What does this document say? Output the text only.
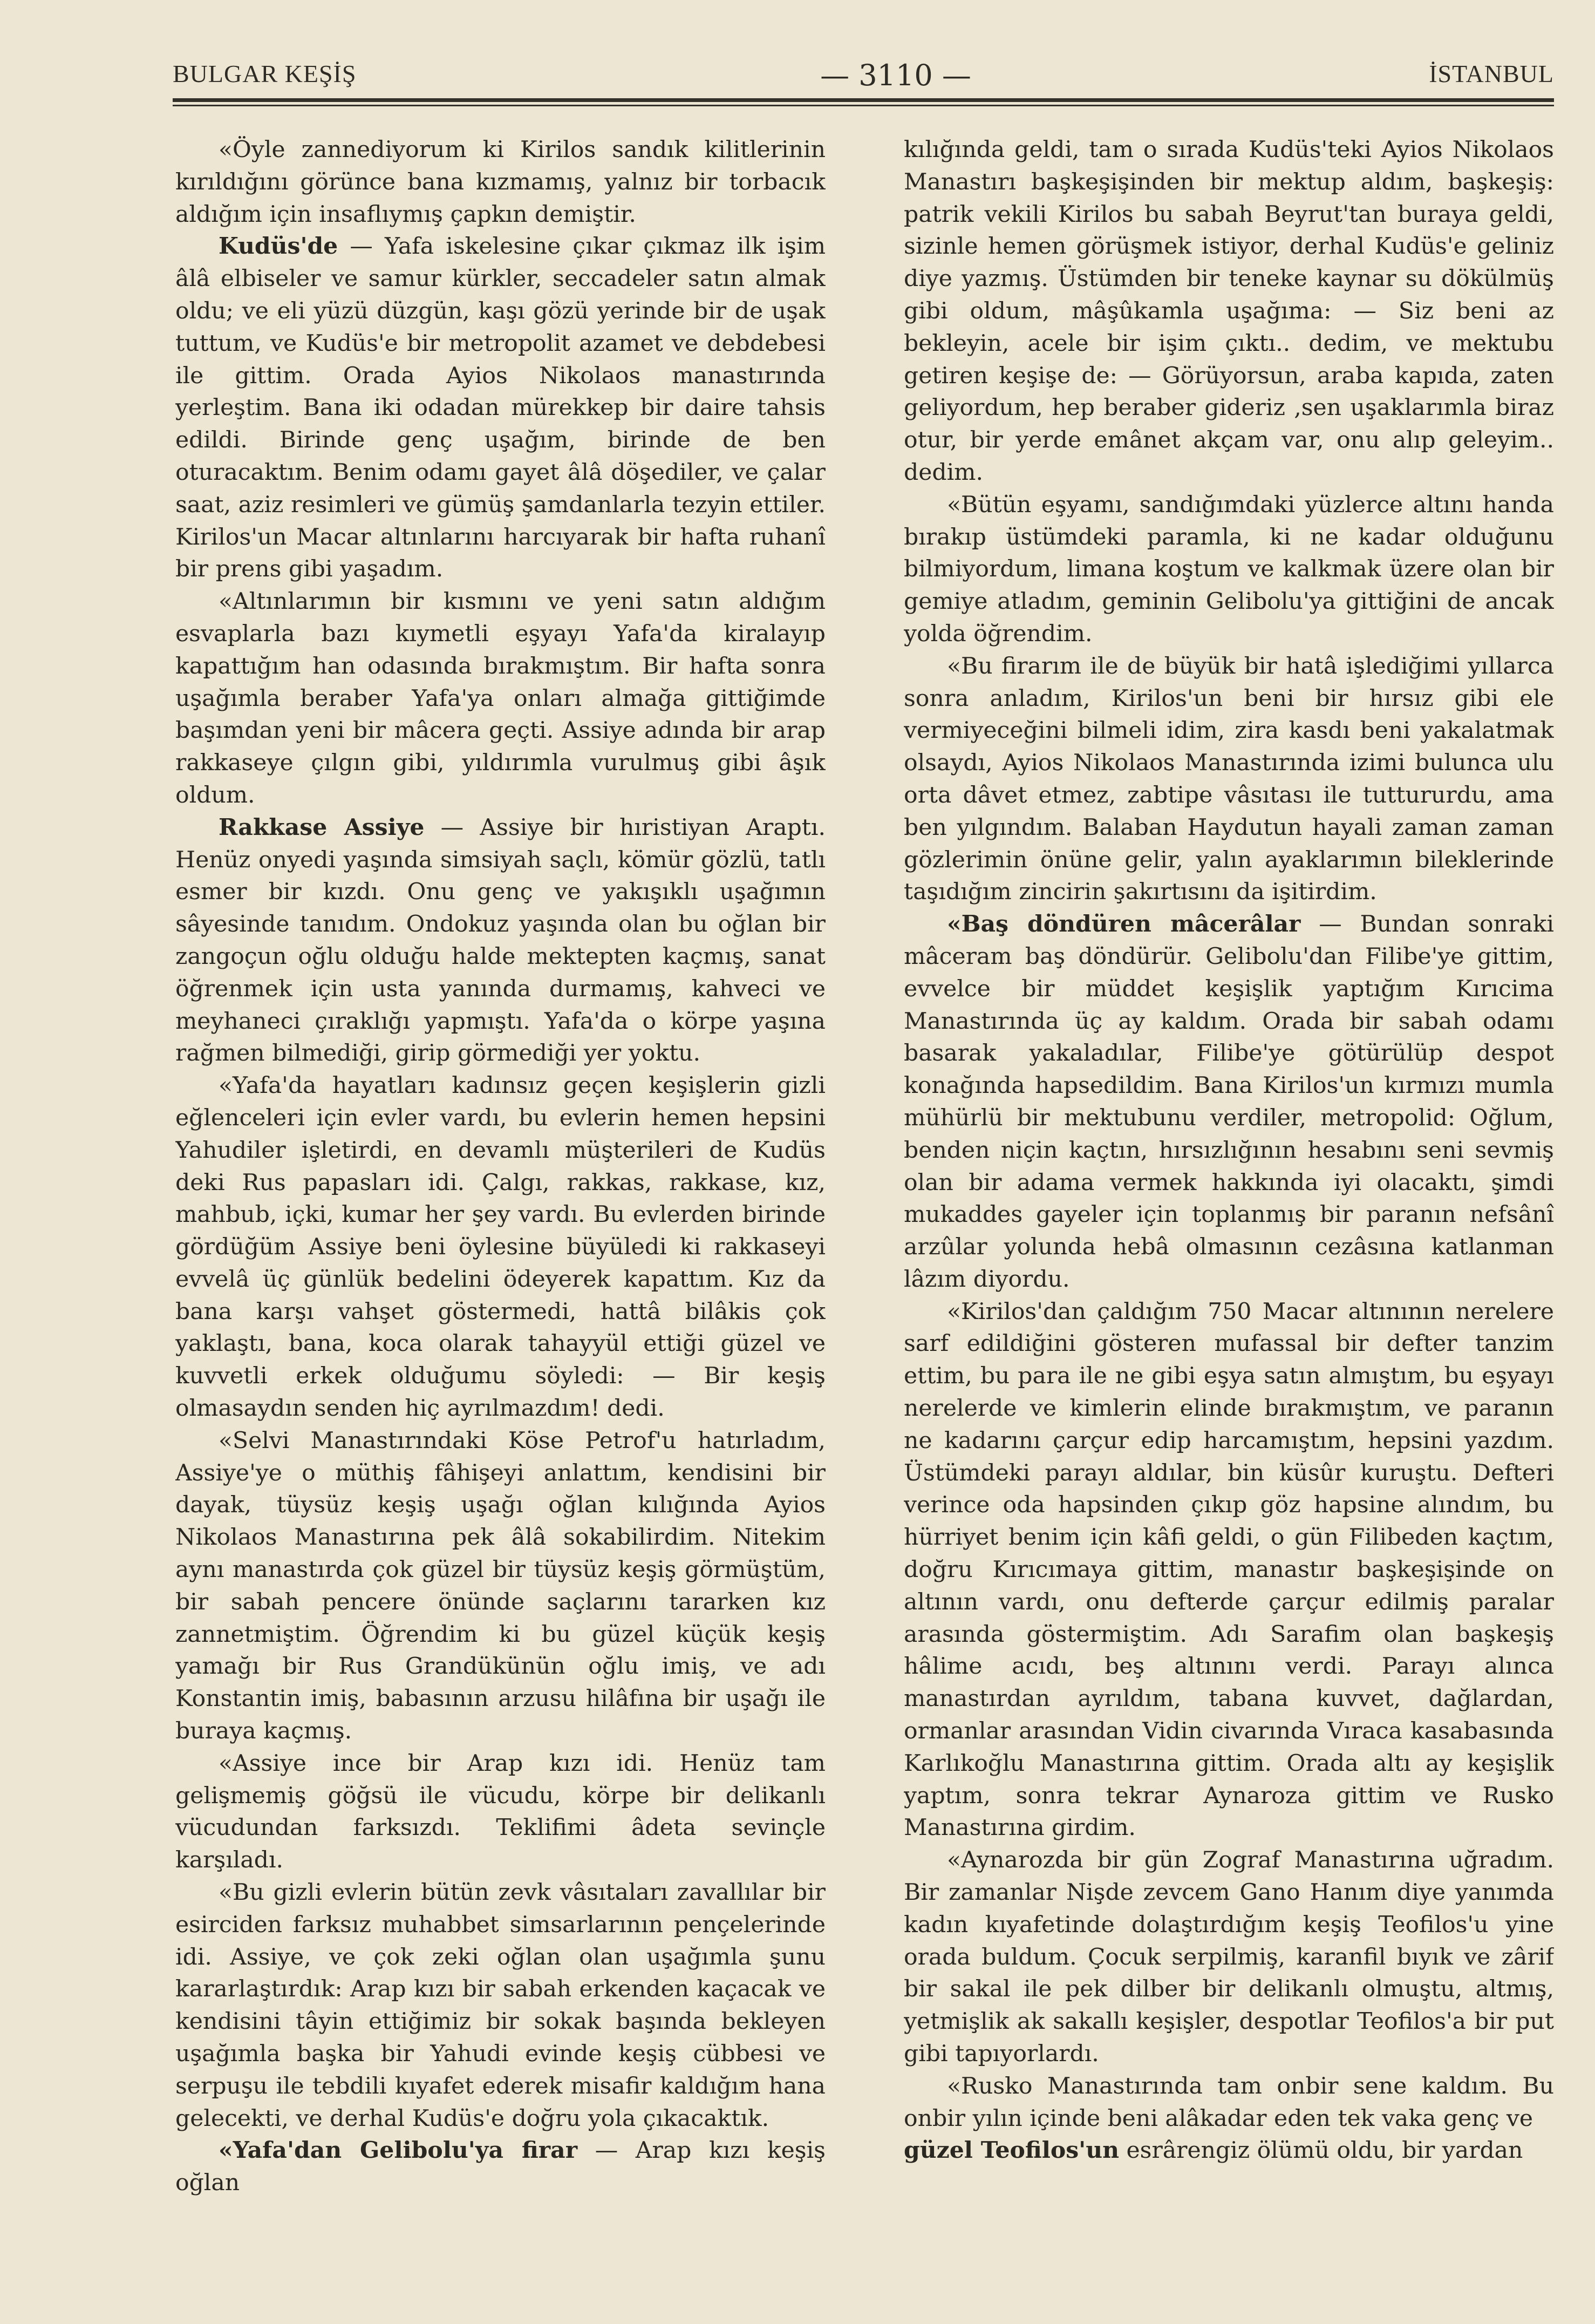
BULGAR KEŞİŞ	— 3110 —	İSTANBUL

«Öyle zannediyorum ki Kirilos sandık kilitlerinin kırıldığını görünce bana kızmamış, yalnız bir torbacık aldığım için insaflıymış çapkın demiştir.

Kudüs'de — Yafa iskelesine çıkar çıkmaz ilk işim âlâ elbiseler ve samur kürkler, seccadeler satın almak oldu; ve eli yüzü düzgün, kaşı gözü yerinde bir de uşak tuttum, ve Kudüs'e bir metropolit azamet ve debdebesi ile gittim. Orada Ayios Nikolaos manastırında yerleştim. Bana iki odadan mürekkep bir daire tahsis edildi. Birinde genç uşağım, birinde de ben oturacaktım. Benim odamı gayet âlâ döşediler, ve çalar saat, aziz resimleri ve gümüş şamdanlarla tezyin ettiler. Kirilos'un Macar altınlarını harcıyarak bir hafta ruhanî bir prens gibi yaşadım.

«Altınlarımın bir kısmını ve yeni satın aldığım esvaplarla bazı kıymetli eşyayı Yafa'da kiralayıp kapattığım han odasında bırakmıştım. Bir hafta sonra uşağımla beraber Yafa'ya onları almağa gittiğimde başımdan yeni bir mâcera geçti. Assiye adında bir arap rakkaseye çılgın gibi, yıldırımla vurulmuş gibi âşık oldum.

Rakkase Assiye — Assiye bir hıristiyan Araptı. Henüz onyedi yaşında simsiyah saçlı, kömür gözlü, tatlı esmer bir kızdı. Onu genç ve yakışıklı uşağımın sâyesinde tanıdım. Ondokuz yaşında olan bu oğlan bir zangoçun oğlu olduğu halde mektepten kaçmış, sanat öğrenmek için usta yanında durmamış, kahveci ve meyhaneci çıraklığı yapmıştı. Yafa'da o körpe yaşına rağmen bilmediği, girip görmediği yer yoktu.

«Yafa'da hayatları kadınsız geçen keşişlerin gizli eğlenceleri için evler vardı, bu evlerin hemen hepsini Yahudiler işletirdi, en devamlı müşterileri de Kudüs deki Rus papasları idi. Çalgı, rakkas, rakkase, kız, mahbub, içki, kumar her şey vardı. Bu evlerden birinde gördüğüm Assiye beni öylesine büyüledi ki rakkaseyi evvelâ üç günlük bedelini ödeyerek kapattım. Kız da bana karşı vahşet göstermedi, hattâ bilâkis çok yaklaştı, bana, koca olarak tahayyül ettiği güzel ve kuvvetli erkek olduğumu söyledi: — Bir keşiş olmasaydın senden hiç ayrılmazdım! dedi.

«Selvi Manastırındaki Köse Petrof'u hatırladım, Assiye'ye o müthiş fâhişeyi anlattım, kendisini bir dayak, tüysüz keşiş uşağı oğlan kılığında Ayios Nikolaos Manastırına pek âlâ sokabilirdim. Nitekim aynı manastırda çok güzel bir tüysüz keşiş görmüştüm, bir sabah pencere önünde saçlarını tararken kız zannetmiştim. Öğrendim ki bu güzel küçük keşiş yamağı bir Rus Grandükünün oğlu imiş, ve adı Konstantin imiş, babasının arzusu hilâfına bir uşağı ile buraya kaçmış.

«Assiye ince bir Arap kızı idi. Henüz tam gelişmemiş göğsü ile vücudu, körpe bir delikanlı vücudundan farksızdı. Teklifimi âdeta sevinçle karşıladı.

«Bu gizli evlerin bütün zevk vâsıtaları zavallılar bir esirciden farksız muhabbet simsarlarının pençelerinde idi. Assiye, ve çok zeki oğlan olan uşağımla şunu kararlaştırdık: Arap kızı bir sabah erkenden kaçacak ve kendisini tâyin ettiğimiz bir sokak başında bekleyen uşağımla başka bir Yahudi evinde keşiş cübbesi ve serpuşu ile tebdili kıyafet ederek misafir kaldığım hana gelecekti, ve derhal Kudüs'e doğru yola çıkacaktık.

«Yafa'dan Gelibolu'ya firar — Arap kızı keşiş oğlan

kılığında geldi, tam o sırada Kudüs'teki Ayios Nikolaos Manastırı başkeşişinden bir mektup aldım, başkeşiş: patrik vekili Kirilos bu sabah Beyrut'tan buraya geldi, sizinle hemen görüşmek istiyor, derhal Kudüs'e geliniz diye yazmış. Üstümden bir teneke kaynar su dökülmüş gibi oldum, mâşûkamla uşağıma: — Siz beni az bekleyin, acele bir işim çıktı.. dedim, ve mektubu getiren keşişe de: — Görüyorsun, araba kapıda, zaten geliyordum, hep beraber gideriz ,sen uşaklarımla biraz otur, bir yerde emânet akçam var, onu alıp geleyim.. dedim.

«Bütün eşyamı, sandığımdaki yüzlerce altını handa bırakıp üstümdeki paramla, ki ne kadar olduğunu bilmiyordum, limana koştum ve kalkmak üzere olan bir gemiye atladım, geminin Gelibolu'ya gittiğini de ancak yolda öğrendim.

«Bu firarım ile de büyük bir hatâ işlediğimi yıllarca sonra anladım, Kirilos'un beni bir hırsız gibi ele vermiyeceğini bilmeli idim, zira kasdı beni yakalatmak olsaydı, Ayios Nikolaos Manastırında izimi bulunca ulu orta dâvet etmez, zabtipe vâsıtası ile tuttururdu, ama ben yılgındım. Balaban Haydutun hayali zaman zaman gözlerimin önüne gelir, yalın ayaklarımın bileklerinde taşıdığım zincirin şakırtısını da işitirdim.

«Baş döndüren mâcerâlar — Bundan sonraki mâceram baş döndürür. Gelibolu'dan Filibe'ye gittim, evvelce bir müddet keşişlik yaptığım Kırıcima Manastırında üç ay kaldım. Orada bir sabah odamı basarak yakaladılar, Filibe'ye götürülüp despot konağında hapsedildim. Bana Kirilos'un kırmızı mumla mühürlü bir mektubunu verdiler, metropolid: Oğlum, benden niçin kaçtın, hırsızlığının hesabını seni sevmiş olan bir adama vermek hakkında iyi olacaktı, şimdi mukaddes gayeler için toplanmış bir paranın nefsânî arzûlar yolunda hebâ olmasının cezâsına katlanman lâzım diyordu.

«Kirilos'dan çaldığım 750 Macar altınının nerelere sarf edildiğini gösteren mufassal bir defter tanzim ettim, bu para ile ne gibi eşya satın almıştım, bu eşyayı nerelerde ve kimlerin elinde bırakmıştım, ve paranın ne kadarını çarçur edip harcamıştım, hepsini yazdım. Üstümdeki parayı aldılar, bin küsûr kuruştu. Defteri verince oda hapsinden çıkıp göz hapsine alındım, bu hürriyet benim için kâfi geldi, o gün Filibeden kaçtım, doğru Kırıcımaya gittim, manastır başkeşişinde on altının vardı, onu defterde çarçur edilmiş paralar arasında göstermiştim. Adı Sarafim olan başkeşiş hâlime acıdı, beş altınını verdi. Parayı alınca manastırdan ayrıldım, tabana kuvvet, dağlardan, ormanlar arasından Vidin civarında Vıraca kasabasında Karlıkoğlu Manastırına gittim. Orada altı ay keşişlik yaptım, sonra tekrar Aynaroza gittim ve Rusko Manastırına girdim.

«Aynarozda bir gün Zograf Manastırına uğradım. Bir zamanlar Nişde zevcem Gano Hanım diye yanımda kadın kıyafetinde dolaştırdığım keşiş Teofilos'u yine orada buldum. Çocuk serpilmiş, karanfil bıyık ve zârif bir sakal ile pek dilber bir delikanlı olmuştu, altmış, yetmişlik ak sakallı keşişler, despotlar Teofilos'a bir put gibi tapıyorlardı.

«Rusko Manastırında tam onbir sene kaldım. Bu onbir yılın içinde beni alâkadar eden tek vaka genç ve

güzel Teofilos'un esrârengiz ölümü oldu, bir yardan
